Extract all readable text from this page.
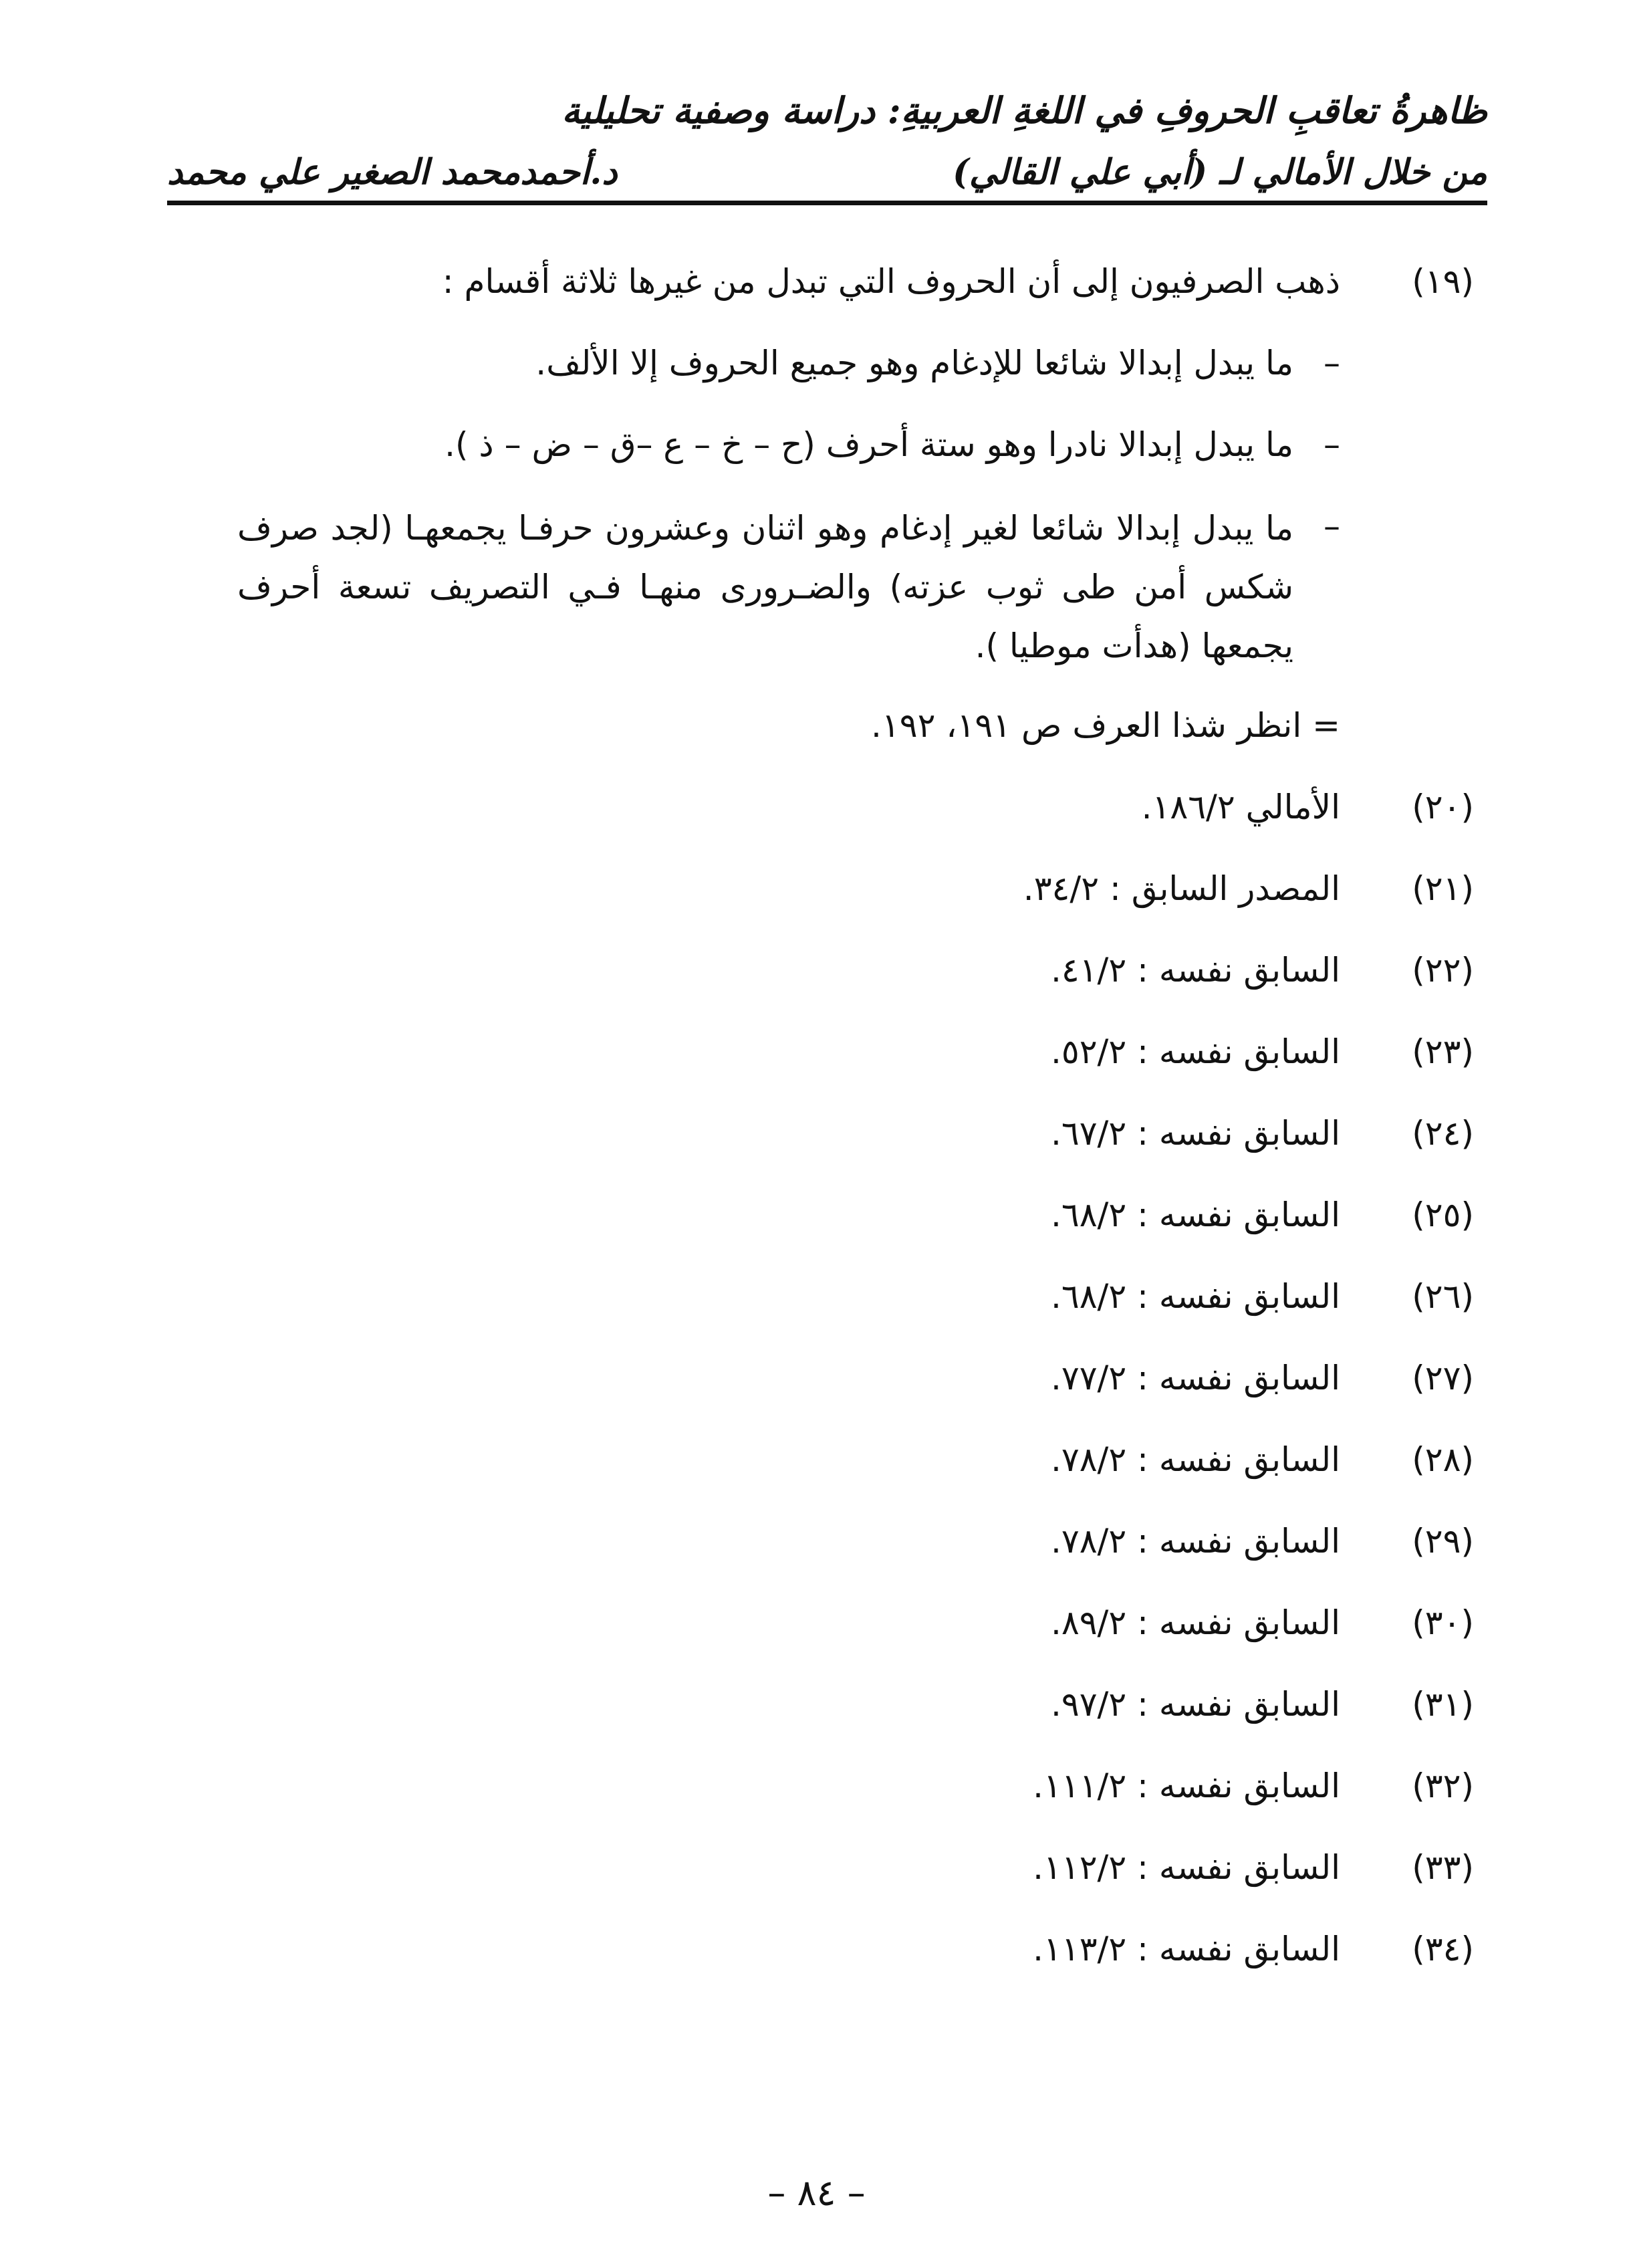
ظاهرةُ تعاقبِ الحروفِ في اللغةِ العربيةِ: دراسة وصفية تحليلية
من خلال الأمالي لـ (أبي علي القالي)
د.أحمدمحمد الصغير علي محمد
(١٩)
ذهب الصرفيون إلى أن الحروف التي تبدل من غيرها ثلاثة أقسام :
–
ما يبدل إبدالا شائعا للإدغام وهو جميع الحروف إلا الألف.
–
ما يبدل إبدالا نادرا وهو ستة أحرف (ح – خ – ع –ق – ض – ذ ).
–
ما يبدل إبدالا شائعا لغير إدغام وهو اثنان وعشرون حرفـا يجمعهـا (لجد صرف شكس أمن طى ثوب عزته) والضـرورى منهـا فـي التصريف تسعة أحرف يجمعها (هدأت موطيا ).
= انظر شذا العرف ص ١٩١، ١٩٢.
(٢٠)
الأمالي ١٨٦/٢.
(٢١)
المصدر السابق : ٣٤/٢.
(٢٢)
السابق نفسه : ٤١/٢.
(٢٣)
السابق نفسه : ٥٢/٢.
(٢٤)
السابق نفسه : ٦٧/٢.
(٢٥)
السابق نفسه : ٦٨/٢.
(٢٦)
السابق نفسه : ٦٨/٢.
(٢٧)
السابق نفسه : ٧٧/٢.
(٢٨)
السابق نفسه : ٧٨/٢.
(٢٩)
السابق نفسه : ٧٨/٢.
(٣٠)
السابق نفسه : ٨٩/٢.
(٣١)
السابق نفسه : ٩٧/٢.
(٣٢)
السابق نفسه : ١١١/٢.
(٣٣)
السابق نفسه : ١١٢/٢.
(٣٤)
السابق نفسه : ١١٣/٢.
– ٨٤ –
